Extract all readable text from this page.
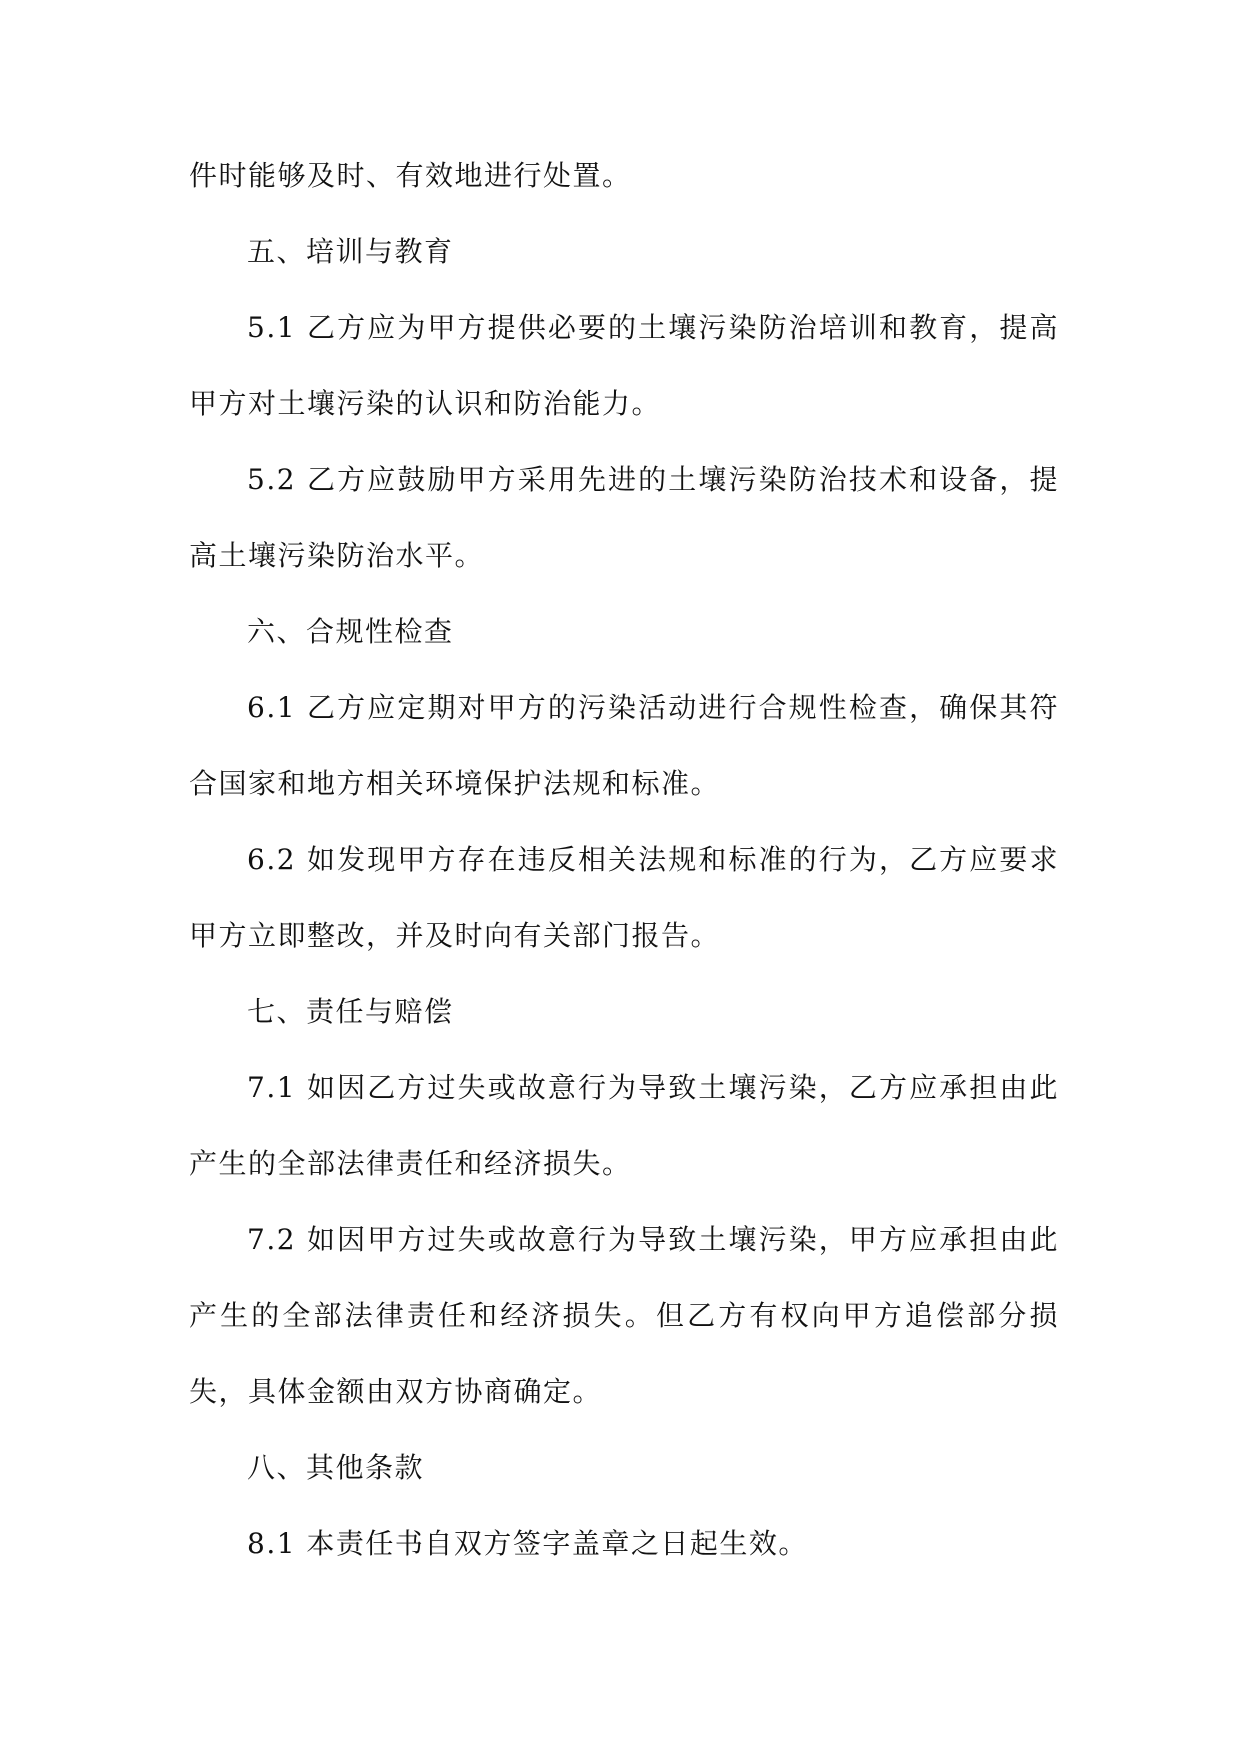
件时能够及时、有效地进行处置。

五、培训与教育

5.1 乙方应为甲方提供必要的土壤污染防治培训和教育，提高甲方对土壤污染的认识和防治能力。

5.2 乙方应鼓励甲方采用先进的土壤污染防治技术和设备，提高土壤污染防治水平。

六、合规性检查

6.1 乙方应定期对甲方的污染活动进行合规性检查，确保其符合国家和地方相关环境保护法规和标准。

6.2 如发现甲方存在违反相关法规和标准的行为，乙方应要求甲方立即整改，并及时向有关部门报告。

七、责任与赔偿

7.1 如因乙方过失或故意行为导致土壤污染，乙方应承担由此产生的全部法律责任和经济损失。

7.2 如因甲方过失或故意行为导致土壤污染，甲方应承担由此产生的全部法律责任和经济损失。但乙方有权向甲方追偿部分损失，具体金额由双方协商确定。

八、其他条款

8.1 本责任书自双方签字盖章之日起生效。
